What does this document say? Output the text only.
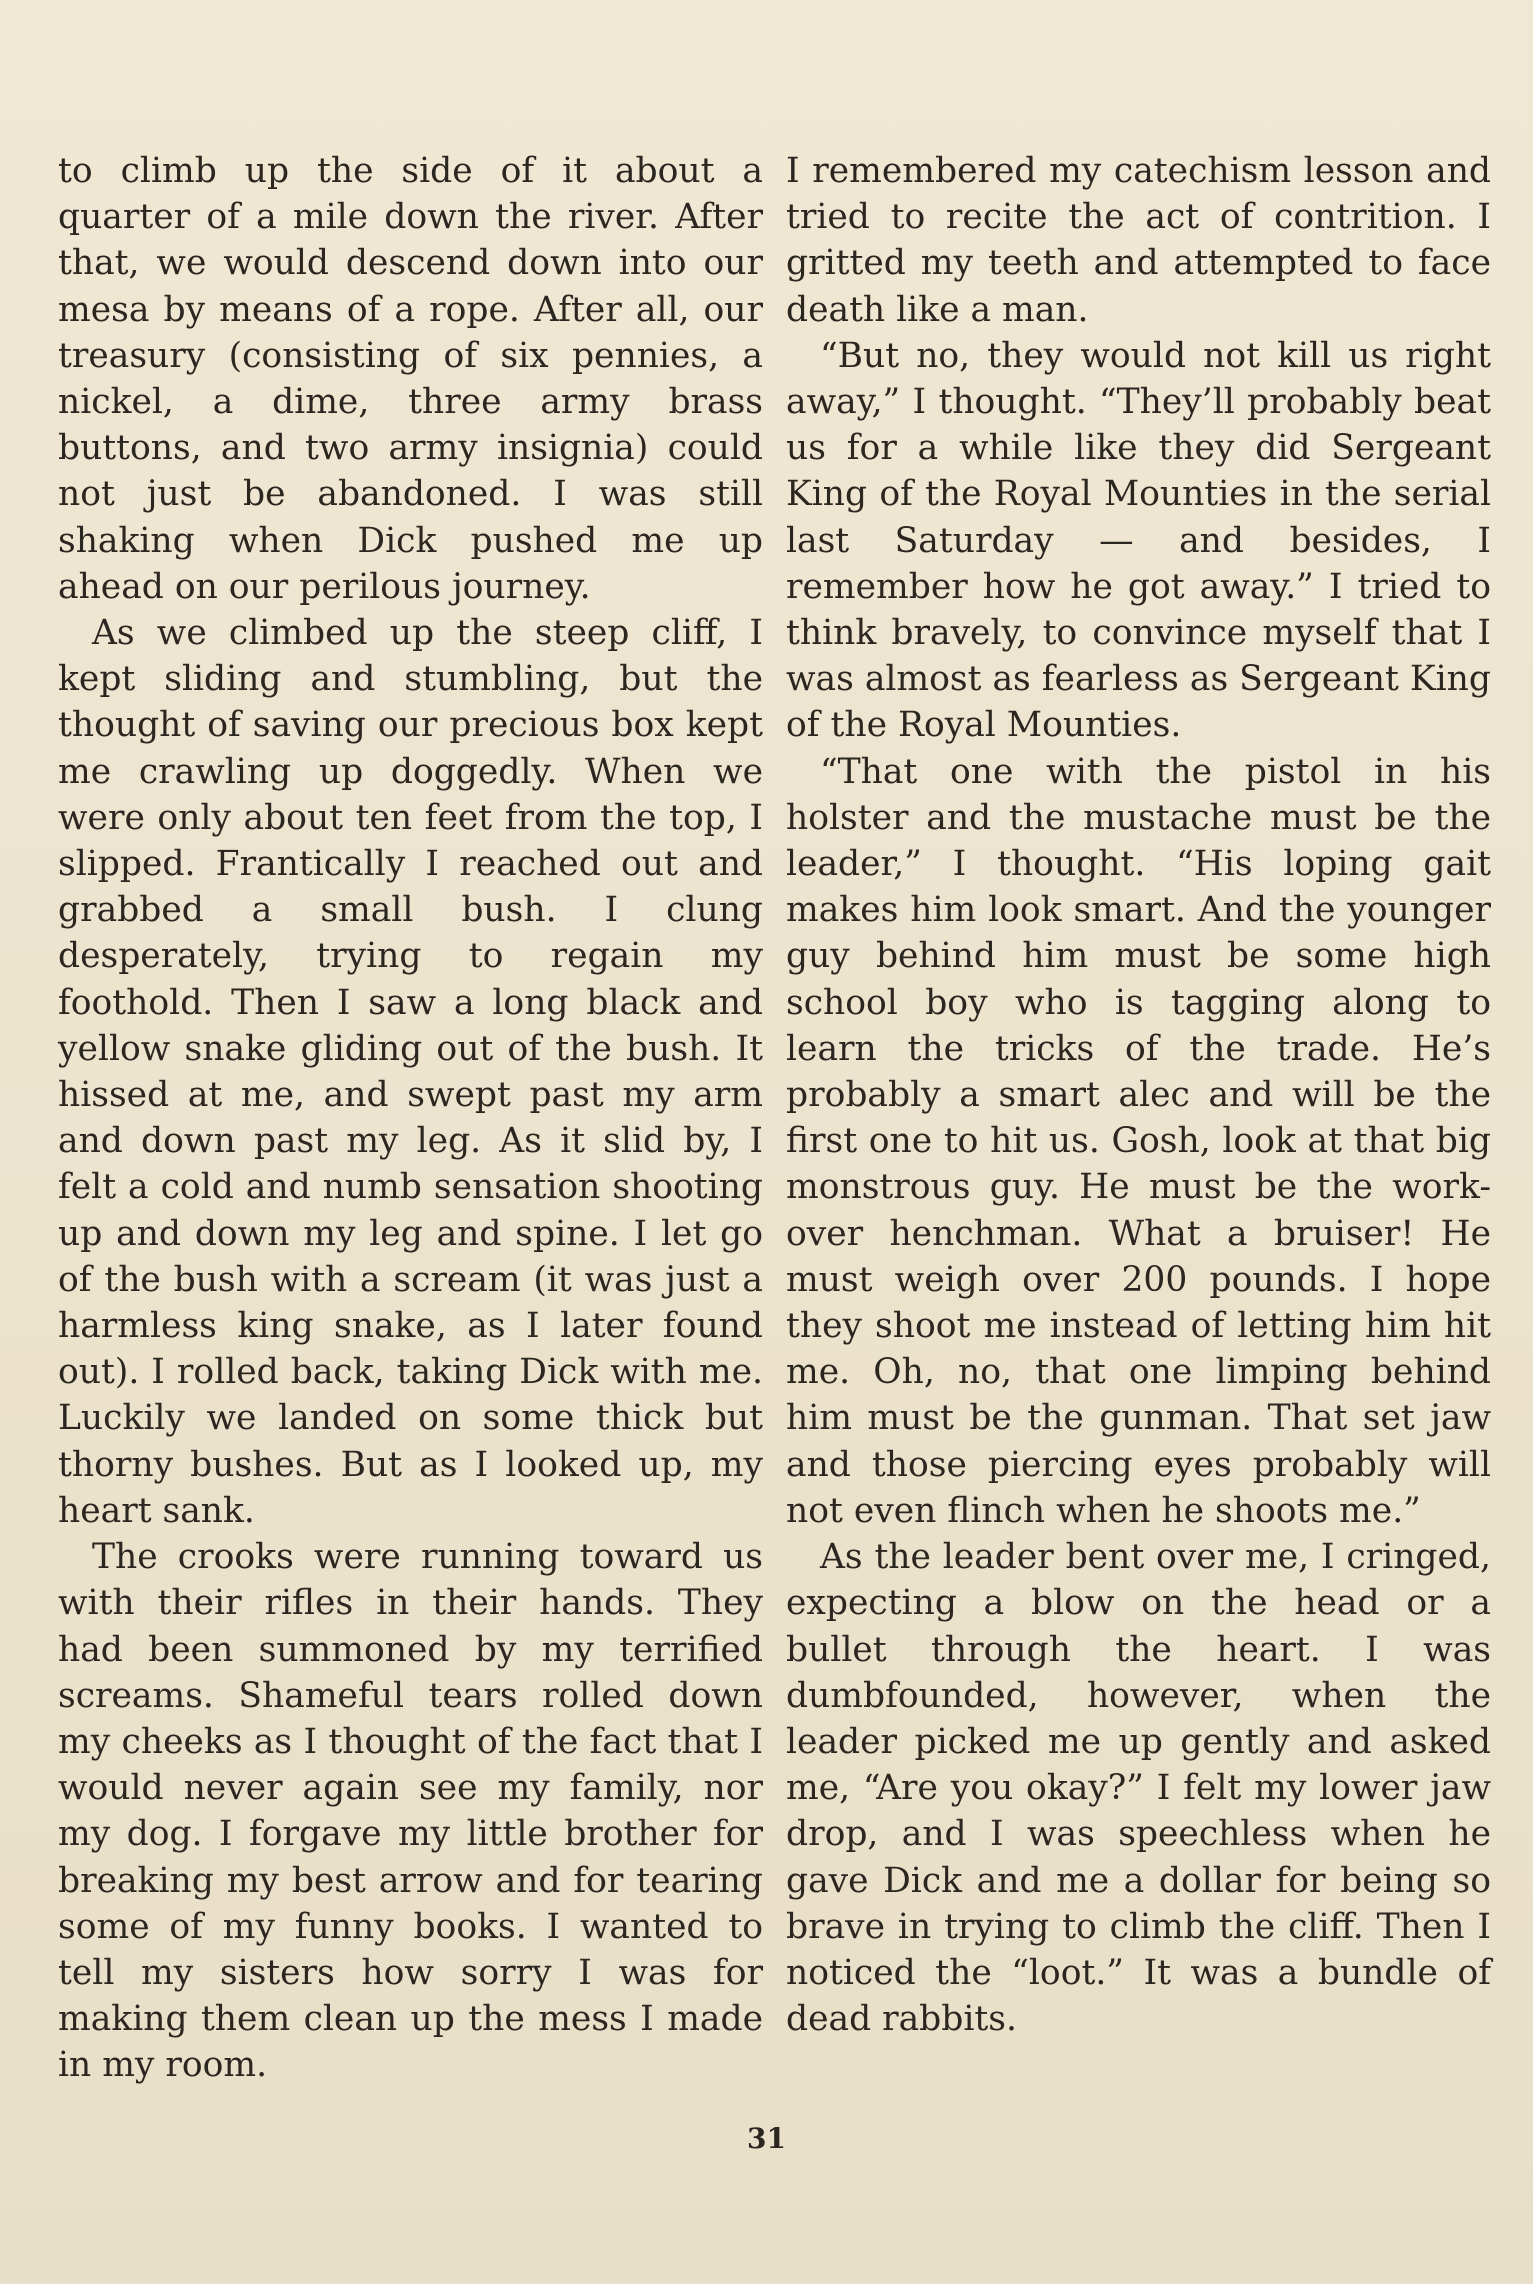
to climb up the side of it about a quarter of a mile down the river. After that, we would descend down into our mesa by means of a rope. After all, our treasury (consisting of six pennies, a nickel, a dime, three army brass buttons, and two army insignia) could not just be abandoned. I was still shaking when Dick pushed me up ahead on our perilous journey.

As we climbed up the steep cliff, I kept sliding and stumbling, but the thought of saving our precious box kept me crawling up doggedly. When we were only about ten feet from the top, I slipped. Frantically I reached out and grabbed a small bush. I clung desperately, trying to regain my foothold. Then I saw a long black and yellow snake gliding out of the bush. It hissed at me, and swept past my arm and down past my leg. As it slid by, I felt a cold and numb sensation shooting up and down my leg and spine. I let go of the bush with a scream (it was just a harmless king snake, as I later found out). I rolled back, taking Dick with me. Luckily we landed on some thick but thorny bushes. But as I looked up, my heart sank.

The crooks were running toward us with their rifles in their hands. They had been summoned by my terrified screams. Shameful tears rolled down my cheeks as I thought of the fact that I would never again see my family, nor my dog. I forgave my little brother for breaking my best arrow and for tearing some of my funny books. I wanted to tell my sisters how sorry I was for making them clean up the mess I made in my room.

I remembered my catechism lesson and tried to recite the act of contrition. I gritted my teeth and attempted to face death like a man.

“But no, they would not kill us right away,” I thought. “They’ll probably beat us for a while like they did Sergeant King of the Royal Mounties in the serial last Saturday — and besides, I remember how he got away.” I tried to think bravely, to convince myself that I was almost as fearless as Sergeant King of the Royal Mounties.

“That one with the pistol in his holster and the mustache must be the leader,” I thought. “His loping gait makes him look smart. And the younger guy behind him must be some high school boy who is tagging along to learn the tricks of the trade. He’s probably a smart alec and will be the first one to hit us. Gosh, look at that big monstrous guy. He must be the work-over henchman. What a bruiser! He must weigh over 200 pounds. I hope they shoot me instead of letting him hit me. Oh, no, that one limping behind him must be the gunman. That set jaw and those piercing eyes probably will not even flinch when he shoots me.”

As the leader bent over me, I cringed, expecting a blow on the head or a bullet through the heart. I was dumbfounded, however, when the leader picked me up gently and asked me, “Are you okay?” I felt my lower jaw drop, and I was speechless when he gave Dick and me a dollar for being so brave in trying to climb the cliff. Then I noticed the “loot.” It was a bundle of dead rabbits.

31
